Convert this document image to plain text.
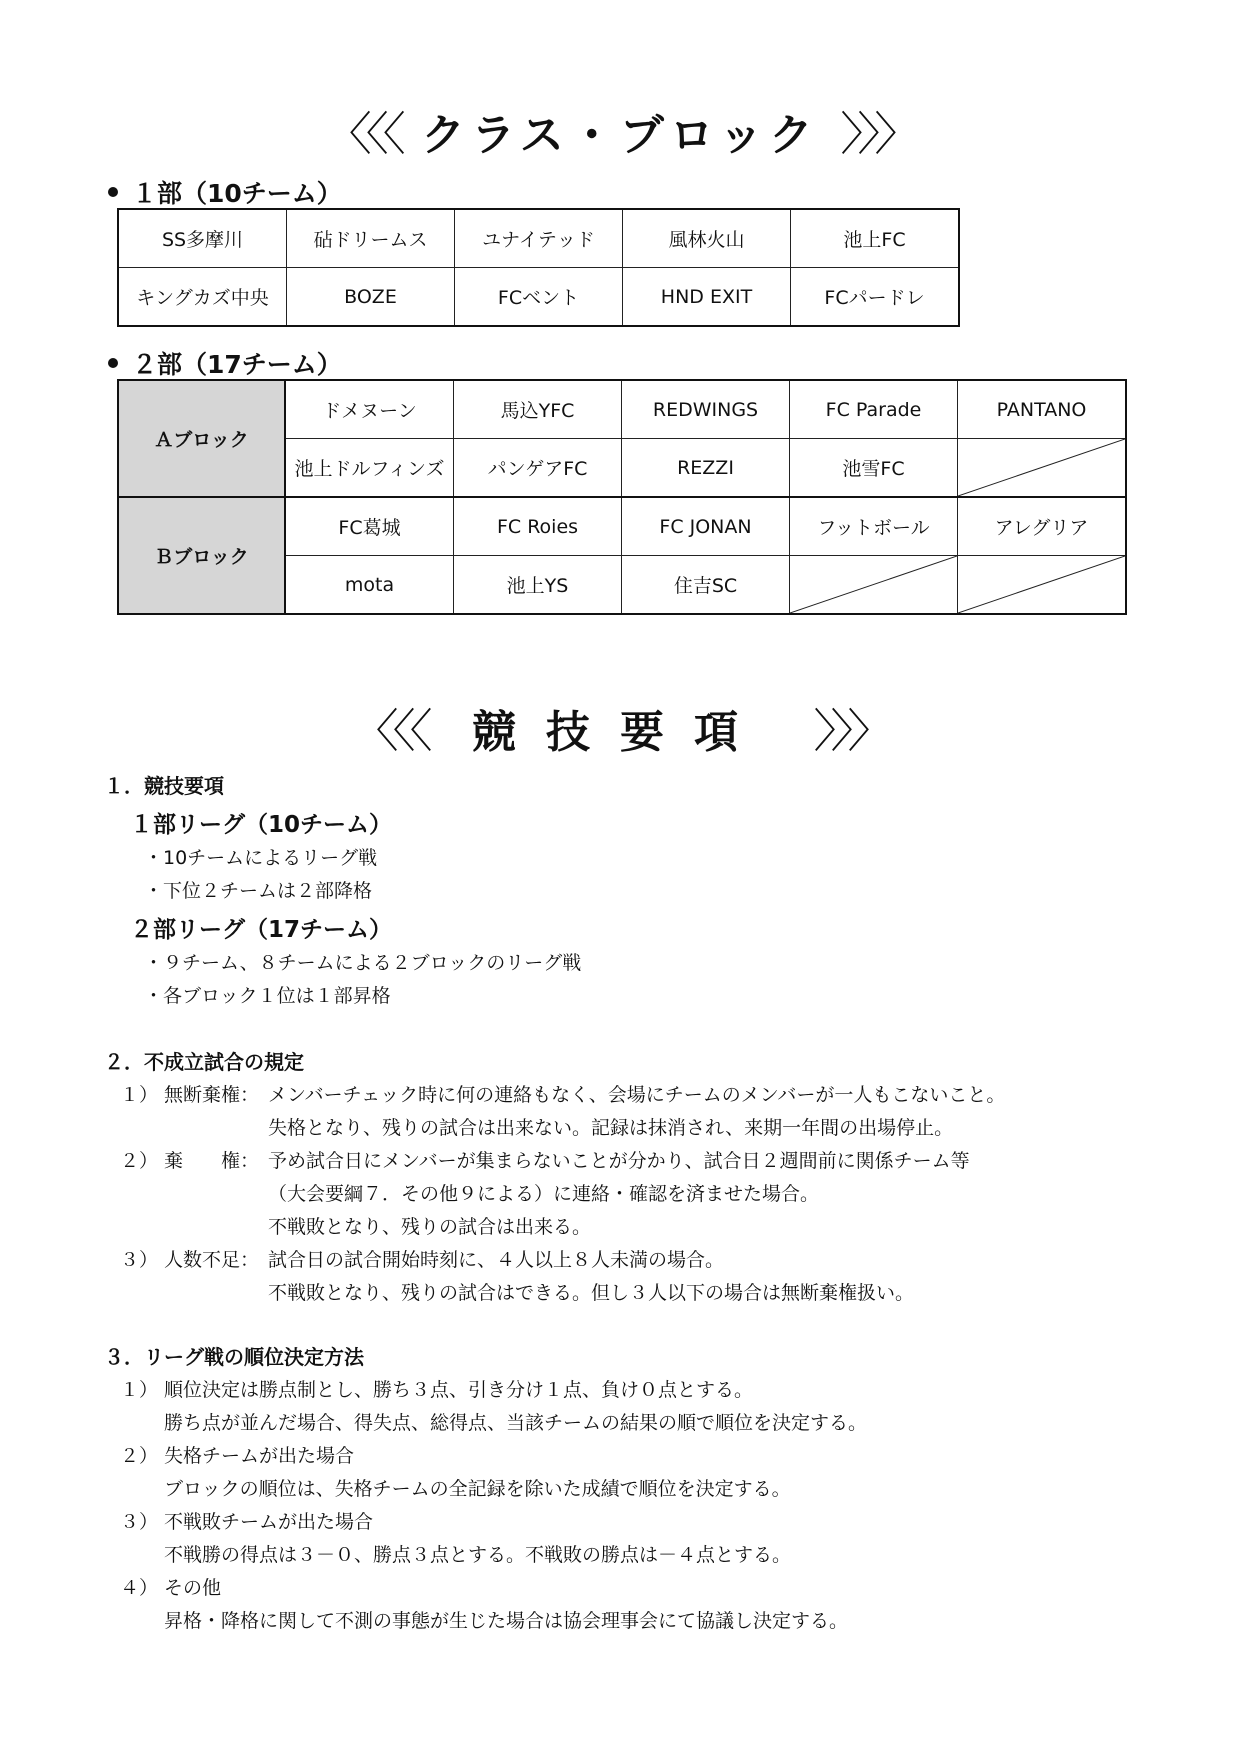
〈〈〈 クラス・ブロック 〉〉〉
１部（10チーム）
SS多摩川	砧ドリームス	ユナイテッド	風林火山	池上FC
キングカズ中央	BOZE	FCベント	HND EXIT	FCパードレ
２部（17チーム）
Ａブロック	ドメヌーン	馬込YFC	REDWINGS	FC Parade	PANTANO
	池上ドルフィンズ	パンゲアFC	REZZI	池雪FC	

Ｂブロック	FC葛城	FC Roies	FC JONAN	フットボール	アレグリア
	mota	池上YS	住吉SC	

〈〈〈 競技要項 〉〉〉
１．競技要項
１部リーグ（10チーム）
・10チームによるリーグ戦
・下位２チームは２部降格
２部リーグ（17チーム）
・９チーム、８チームによる２ブロックのリーグ戦
・各ブロック１位は１部昇格
２．不成立試合の規定
１） 無断棄権： メンバーチェック時に何の連絡もなく、会場にチームのメンバーが一人もこないこと。
失格となり、残りの試合は出来ない。記録は抹消され、来期一年間の出場停止。
２） 棄　　権： 予め試合日にメンバーが集まらないことが分かり、試合日２週間前に関係チーム等
（大会要綱７．その他９による）に連絡・確認を済ませた場合。
不戦敗となり、残りの試合は出来る。
３） 人数不足： 試合日の試合開始時刻に、４人以上８人未満の場合。
不戦敗となり、残りの試合はできる。但し３人以下の場合は無断棄権扱い。
３．リーグ戦の順位決定方法
１） 順位決定は勝点制とし、勝ち３点、引き分け１点、負け０点とする。
勝ち点が並んだ場合、得失点、総得点、当該チームの結果の順で順位を決定する。
２） 失格チームが出た場合
ブロックの順位は、失格チームの全記録を除いた成績で順位を決定する。
３） 不戦敗チームが出た場合
不戦勝の得点は３－０、勝点３点とする。不戦敗の勝点は－４点とする。
４） その他
昇格・降格に関して不測の事態が生じた場合は協会理事会にて協議し決定する。
